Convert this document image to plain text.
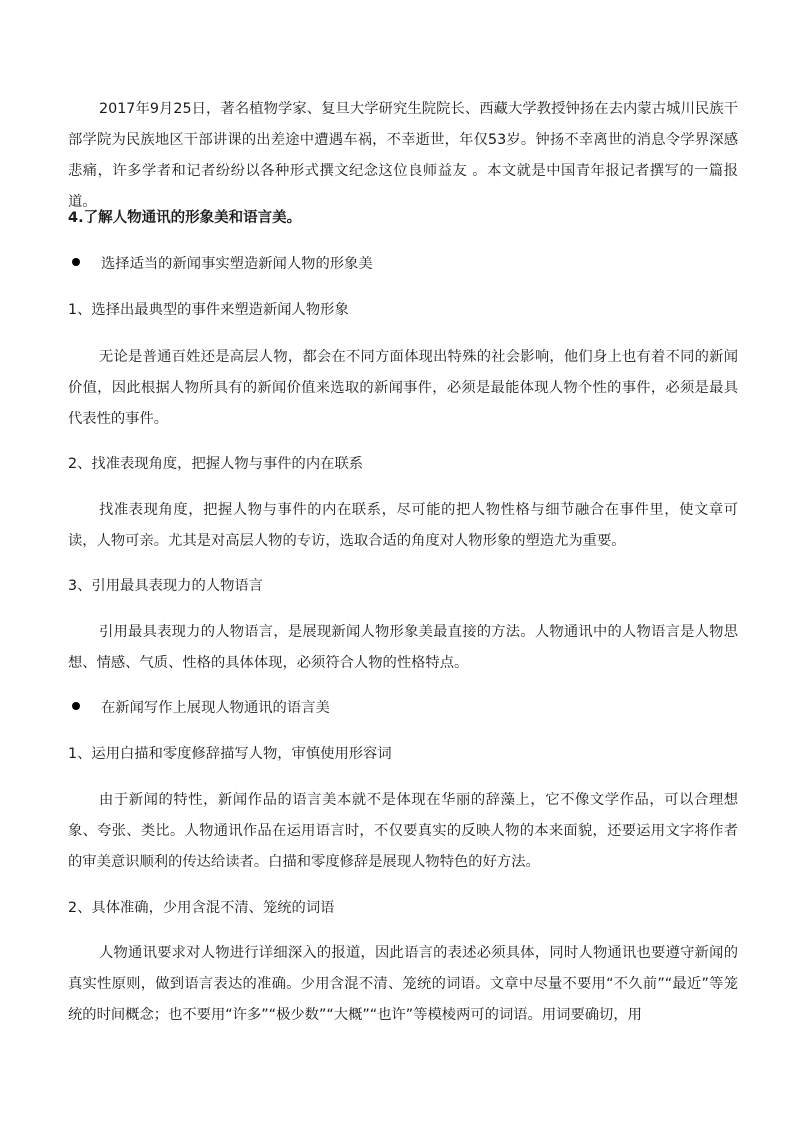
2017年9月25日，著名植物学家、复旦大学研究生院院长、西藏大学教授钟扬在去内蒙古城川民族干部学院为民族地区干部讲课的出差途中遭遇车祸，不幸逝世，年仅53岁。钟扬不幸离世的消息令学界深感悲痛，许多学者和记者纷纷以各种形式撰文纪念这位良师益友 。本文就是中国青年报记者撰写的一篇报道。

4.了解人物通讯的形象美和语言美。

选择适当的新闻事实塑造新闻人物的形象美

1、选择出最典型的事件来塑造新闻人物形象

无论是普通百姓还是高层人物，都会在不同方面体现出特殊的社会影响，他们身上也有着不同的新闻价值，因此根据人物所具有的新闻价值来选取的新闻事件，必须是最能体现人物个性的事件，必须是最具代表性的事件。

2、找准表现角度，把握人物与事件的内在联系

找准表现角度，把握人物与事件的内在联系，尽可能的把人物性格与细节融合在事件里，使文章可读，人物可亲。尤其是对高层人物的专访，选取合适的角度对人物形象的塑造尤为重要。

3、引用最具表现力的人物语言

引用最具表现力的人物语言，是展现新闻人物形象美最直接的方法。人物通讯中的人物语言是人物思想、情感、气质、性格的具体体现，必须符合人物的性格特点。

在新闻写作上展现人物通讯的语言美

1、运用白描和零度修辞描写人物，审慎使用形容词

由于新闻的特性，新闻作品的语言美本就不是体现在华丽的辞藻上，它不像文学作品，可以合理想象、夸张、类比。人物通讯作品在运用语言时，不仅要真实的反映人物的本来面貌，还要运用文字将作者的审美意识顺利的传达给读者。白描和零度修辞是展现人物特色的好方法。

2、具体准确，少用含混不清、笼统的词语

人物通讯要求对人物进行详细深入的报道，因此语言的表述必须具体，同时人物通讯也要遵守新闻的真实性原则，做到语言表达的准确。少用含混不清、笼统的词语。文章中尽量不要用“不久前”“最近”等笼统的时间概念；也不要用“许多”“极少数”“大概”“也许”等模棱两可的词语。用词要确切，用
